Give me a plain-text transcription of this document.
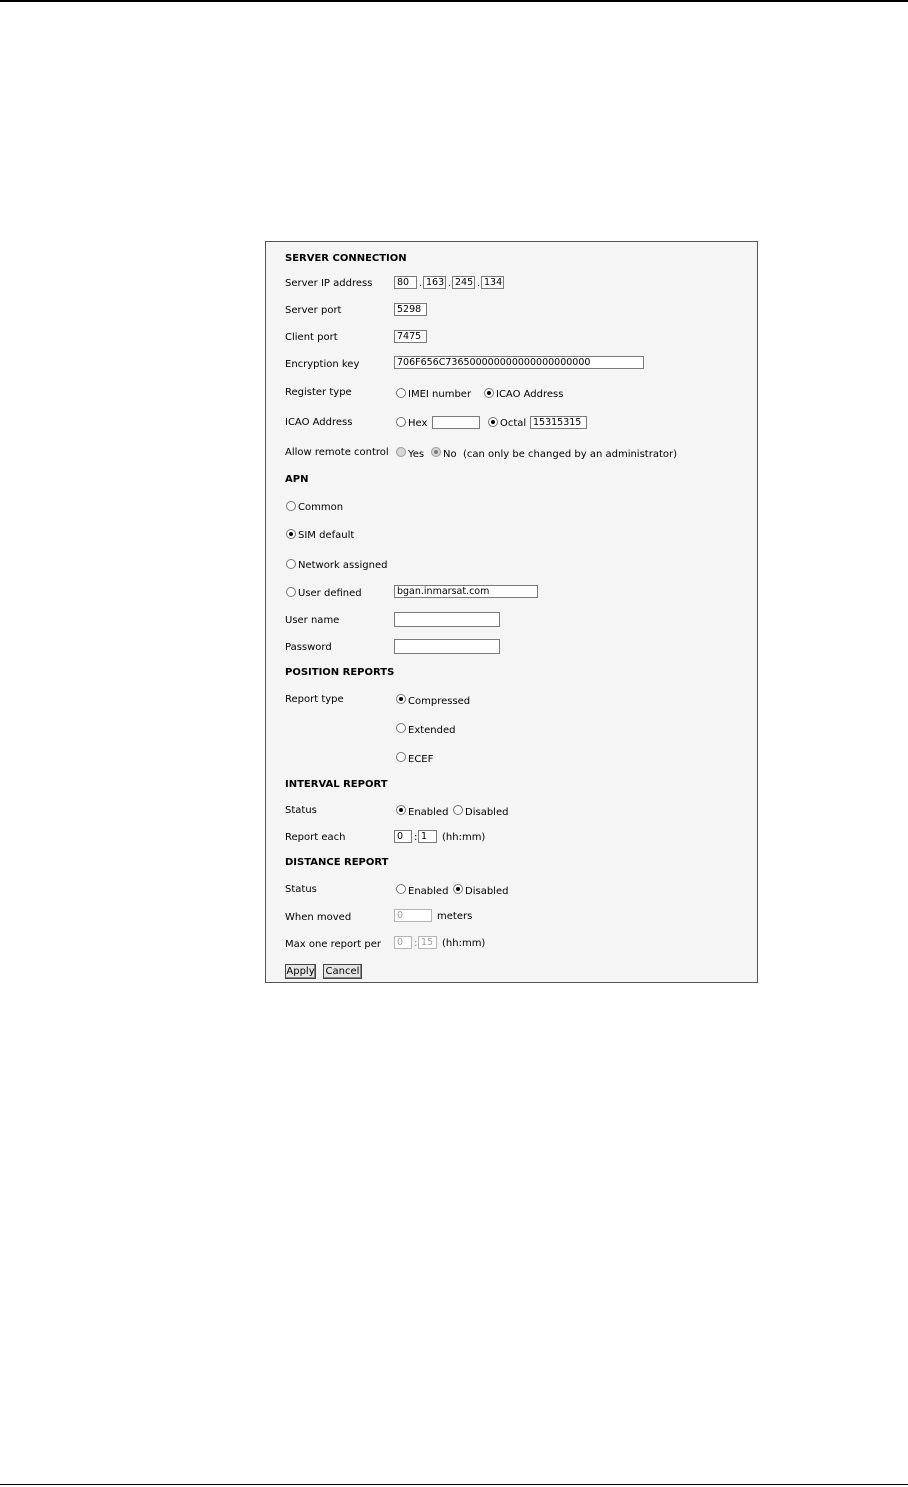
SERVER CONNECTION
Server IP address	80 . 163 . 245 . 134
Server port	5298
Client port	7475
Encryption key	706F656C736500000000000000000000
Register type	IMEI number ICAO Address
ICAO Address	Hex	Octal 15315315
Allow remote control Yes No (can only be changed by an administrator)
APN
Common
SIM default
Network assigned
User defined	bgan.inmarsat.com
User name
Password
POSITION REPORTS
Report type	Compressed
Extended
ECEF
INTERVAL REPORT
Status	Enabled Disabled
Report each	0	: 1	(hh:mm)
DISTANCE REPORT
Status	Enabled Disabled
When moved	0	meters
Max one report per	0	: 15 (hh:mm)
Apply Cancel
